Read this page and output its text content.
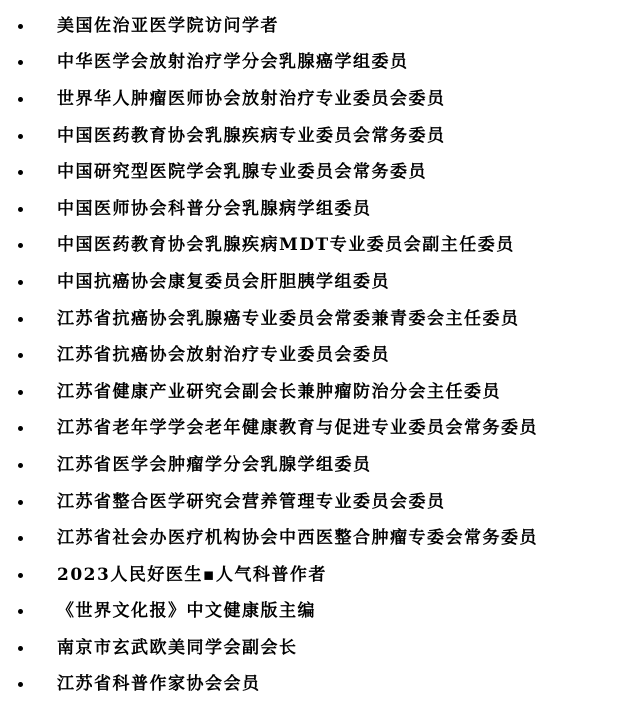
美国佐治亚医学院访问学者
中华医学会放射治疗学分会乳腺癌学组委员
世界华人肿瘤医师协会放射治疗专业委员会委员
中国医药教育协会乳腺疾病专业委员会常务委员
中国研究型医院学会乳腺专业委员会常务委员
中国医师协会科普分会乳腺病学组委员
中国医药教育协会乳腺疾病MDT专业委员会副主任委员
中国抗癌协会康复委员会肝胆胰学组委员
江苏省抗癌协会乳腺癌专业委员会常委兼青委会主任委员
江苏省抗癌协会放射治疗专业委员会委员
江苏省健康产业研究会副会长兼肿瘤防治分会主任委员
江苏省老年学学会老年健康教育与促进专业委员会常务委员
江苏省医学会肿瘤学分会乳腺学组委员
江苏省整合医学研究会营养管理专业委员会委员
江苏省社会办医疗机构协会中西医整合肿瘤专委会常务委员
2023人民好医生▪人气科普作者
《世界文化报》中文健康版主编
南京市玄武欧美同学会副会长
江苏省科普作家协会会员
